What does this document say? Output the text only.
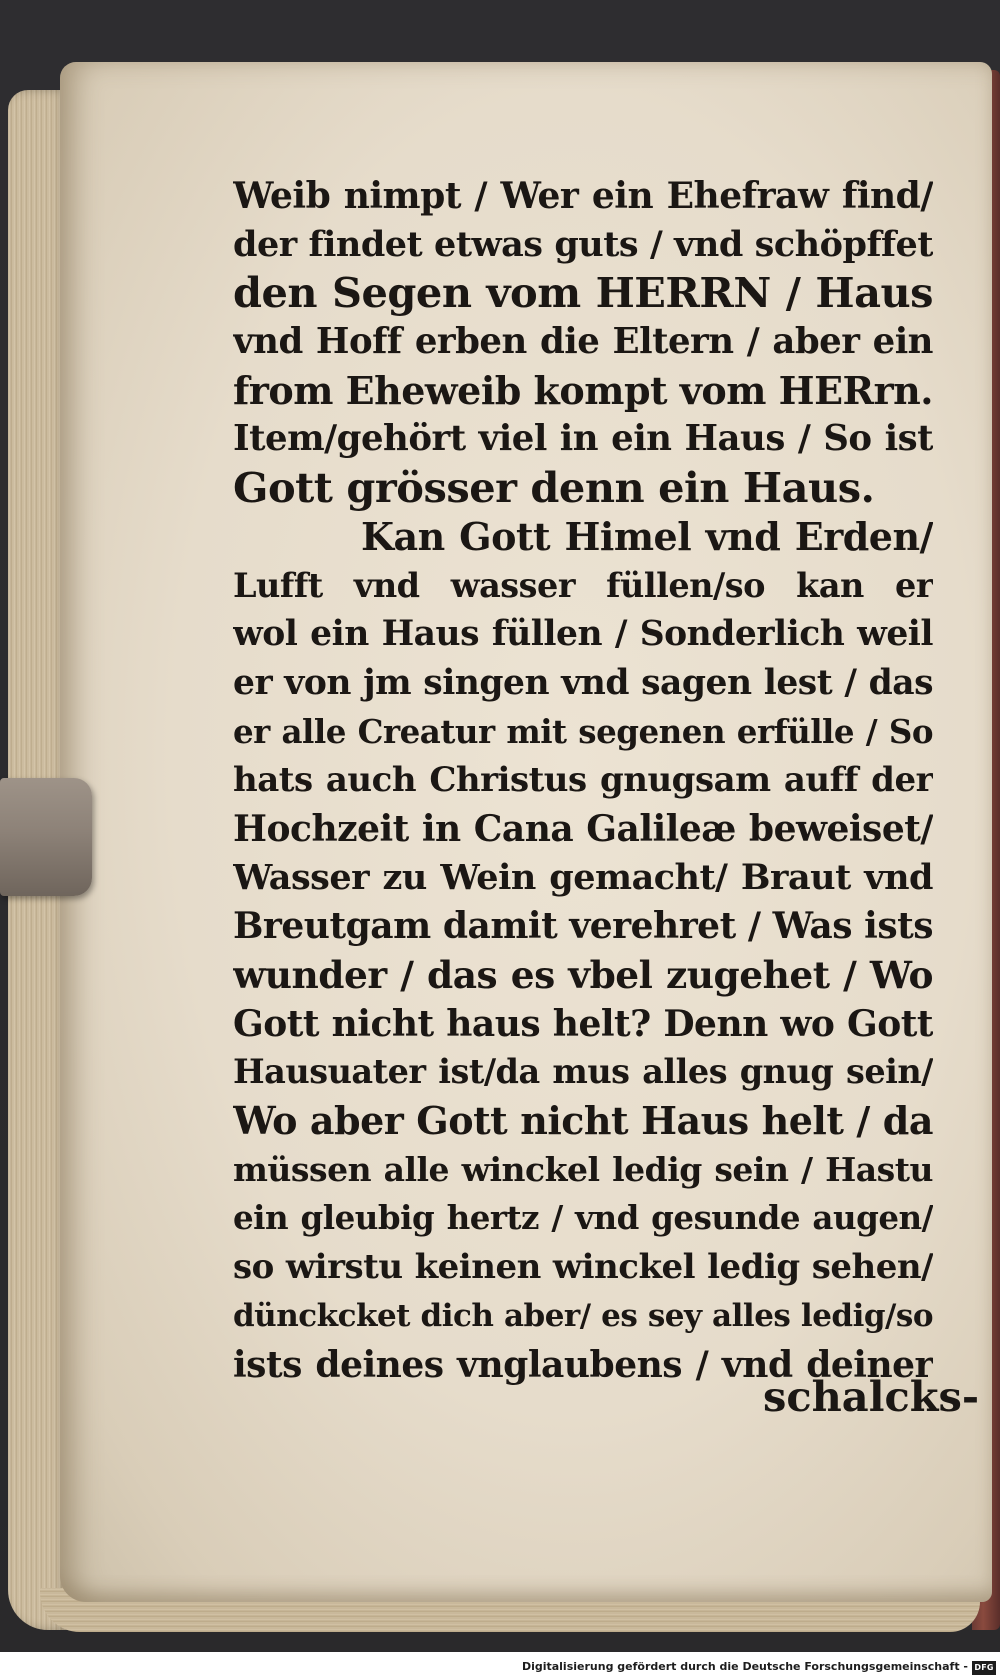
Weib nimpt / Wer ein Ehefraw find/
der findet etwas guts / vnd schöpffet
den Segen vom HERRN / Haus
vnd Hoff erben die Eltern / aber ein
from Eheweib kompt vom HERrn.
Item/gehört viel in ein Haus / So ist
Gott grösser denn ein Haus.
Kan Gott Himel vnd Erden/
Lufft vnd wasser füllen/so kan er
wol ein Haus füllen / Sonderlich weil
er von jm singen vnd sagen lest / das
er alle Creatur mit segenen erfülle / So
hats auch Christus gnugsam auff der
Hochzeit in Cana Galileæ beweiset/
Wasser zu Wein gemacht/ Braut vnd
Breutgam damit verehret / Was ists
wunder / das es vbel zugehet / Wo
Gott nicht haus helt? Denn wo Gott
Hausuater ist/da mus alles gnug sein/
Wo aber Gott nicht Haus helt / da
müssen alle winckel ledig sein / Hastu
ein gleubig hertz / vnd gesunde augen/
so wirstu keinen winckel ledig sehen/
dünckcket dich aber/ es sey alles ledig/so
ists deines vnglaubens / vnd deiner
schalcks-
Digitalisierung gefördert durch die Deutsche Forschungsgemeinschaft - DFG
